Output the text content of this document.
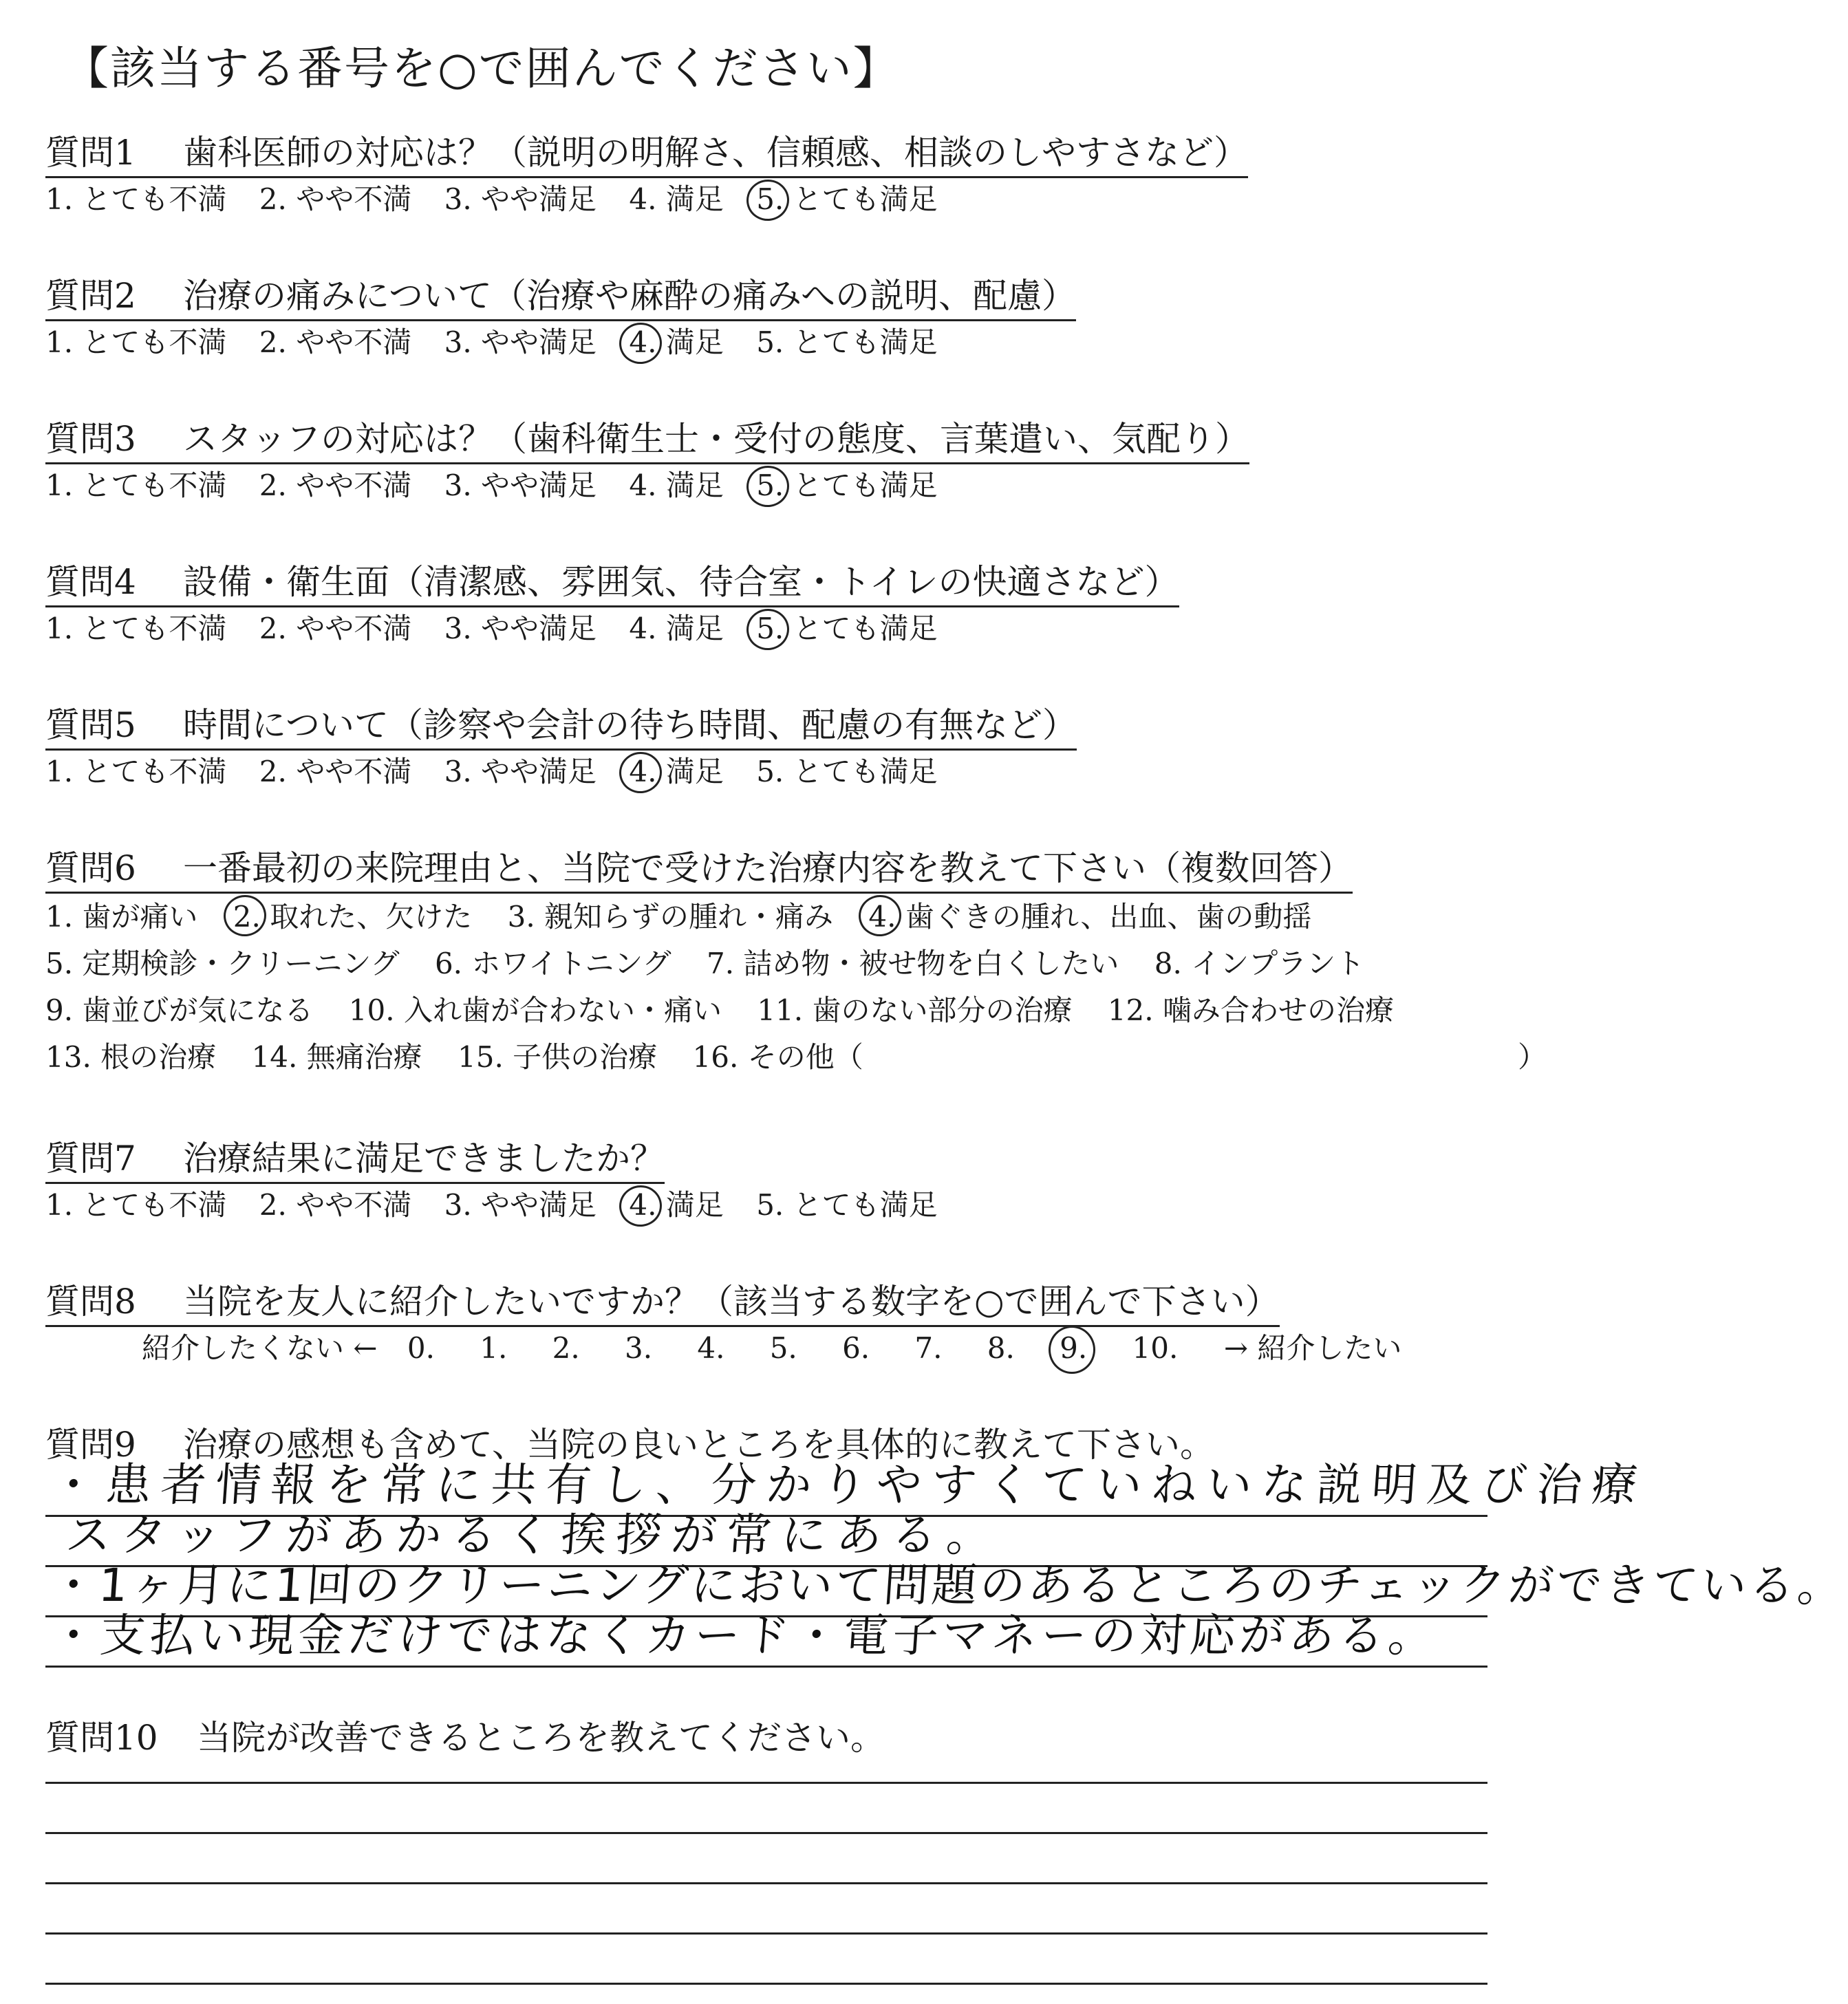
【該当する番号を○で囲んでください】
質問1 歯科医師の対応は？（説明の明解さ、信頼感、相談のしやすさなど）
1. とても不満 2. やや不満 3. やや満足 4. 満足 5. とても満足
質問2 治療の痛みについて（治療や麻酔の痛みへの説明、配慮）
1. とても不満 2. やや不満 3. やや満足 4. 満足 5. とても満足
質問3 スタッフの対応は？（歯科衛生士・受付の態度、言葉遣い、気配り）
1. とても不満 2. やや不満 3. やや満足 4. 満足 5. とても満足
質問4 設備・衛生面（清潔感、雰囲気、待合室・トイレの快適さなど）
1. とても不満 2. やや不満 3. やや満足 4. 満足 5. とても満足
質問5 時間について（診察や会計の待ち時間、配慮の有無など）
1. とても不満 2. やや不満 3. やや満足 4. 満足 5. とても満足
質問6 一番最初の来院理由と、当院で受けた治療内容を教えて下さい（複数回答）
1. 歯が痛い 2. 取れた、欠けた 3. 親知らずの腫れ・痛み 4. 歯ぐきの腫れ、出血、歯の動揺
5. 定期検診・クリーニング 6. ホワイトニング 7. 詰め物・被せ物を白くしたい 8. インプラント
9. 歯並びが気になる 10. 入れ歯が合わない・痛い 11. 歯のない部分の治療 12. 噛み合わせの治療
13. 根の治療 14. 無痛治療 15. 子供の治療 16. その他（	）
質問7 治療結果に満足できましたか？
1. とても不満 2. やや不満 3. やや満足 4. 満足 5. とても満足
質問8 当院を友人に紹介したいですか？（該当する数字を○で囲んで下さい）
紹介したくない ← 0. 1. 2. 3. 4. 5. 6. 7. 8. 9. 10. → 紹介したい
質問9 治療の感想も含めて、当院の良いところを具体的に教えて下さい。
・患者情報を常に共有し、分かりやすくていねいな説明及び治療
スタッフがあかるく挨拶が常にある。
・1ヶ月に1回のクリーニングにおいて問題のあるところのチェックができている。
・支払い現金だけではなくカード・電子マネーの対応がある。
質問10 当院が改善できるところを教えてください。
